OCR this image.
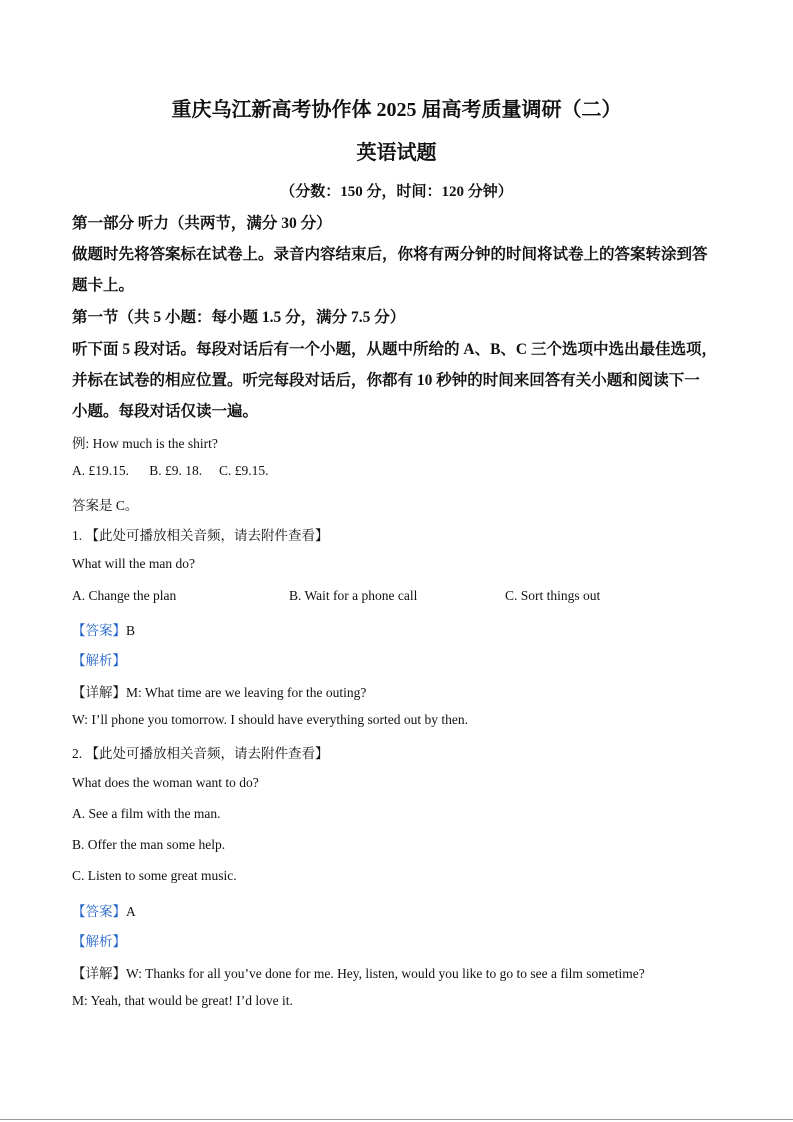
重庆乌江新高考协作体 2025 届高考质量调研（二）
英语试题
（分数：150 分，时间：120 分钟）
第一部分 听力（共两节，满分 30 分）
做题时先将答案标在试卷上。录音内容结束后，你将有两分钟的时间将试卷上的答案转涂到答
题卡上。
第一节（共 5 小题：每小题 1.5 分，满分 7.5 分）
听下面 5 段对话。每段对话后有一个小题，从题中所给的 A、B、C 三个选项中选出最佳选项，
并标在试卷的相应位置。听完每段对话后，你都有 10 秒钟的时间来回答有关小题和阅读下一
小题。每段对话仅读一遍。
例: How much is the shirt?
A. £19.15.      B. £9. 18.     C. £9.15.
答案是 C。
1. 【此处可播放相关音频，请去附件查看】
What will the man do?
A. Change the plan	B. Wait for a phone call	C. Sort things out
【答案】B
【解析】
【详解】M: What time are we leaving for the outing?
W: I’ll phone you tomorrow. I should have everything sorted out by then.
2. 【此处可播放相关音频，请去附件查看】
What does the woman want to do?
A. See a film with the man.
B. Offer the man some help.
C. Listen to some great music.
【答案】A
【解析】
【详解】W: Thanks for all you’ve done for me. Hey, listen, would you like to go to see a film sometime?
M: Yeah, that would be great! I’d love it.
